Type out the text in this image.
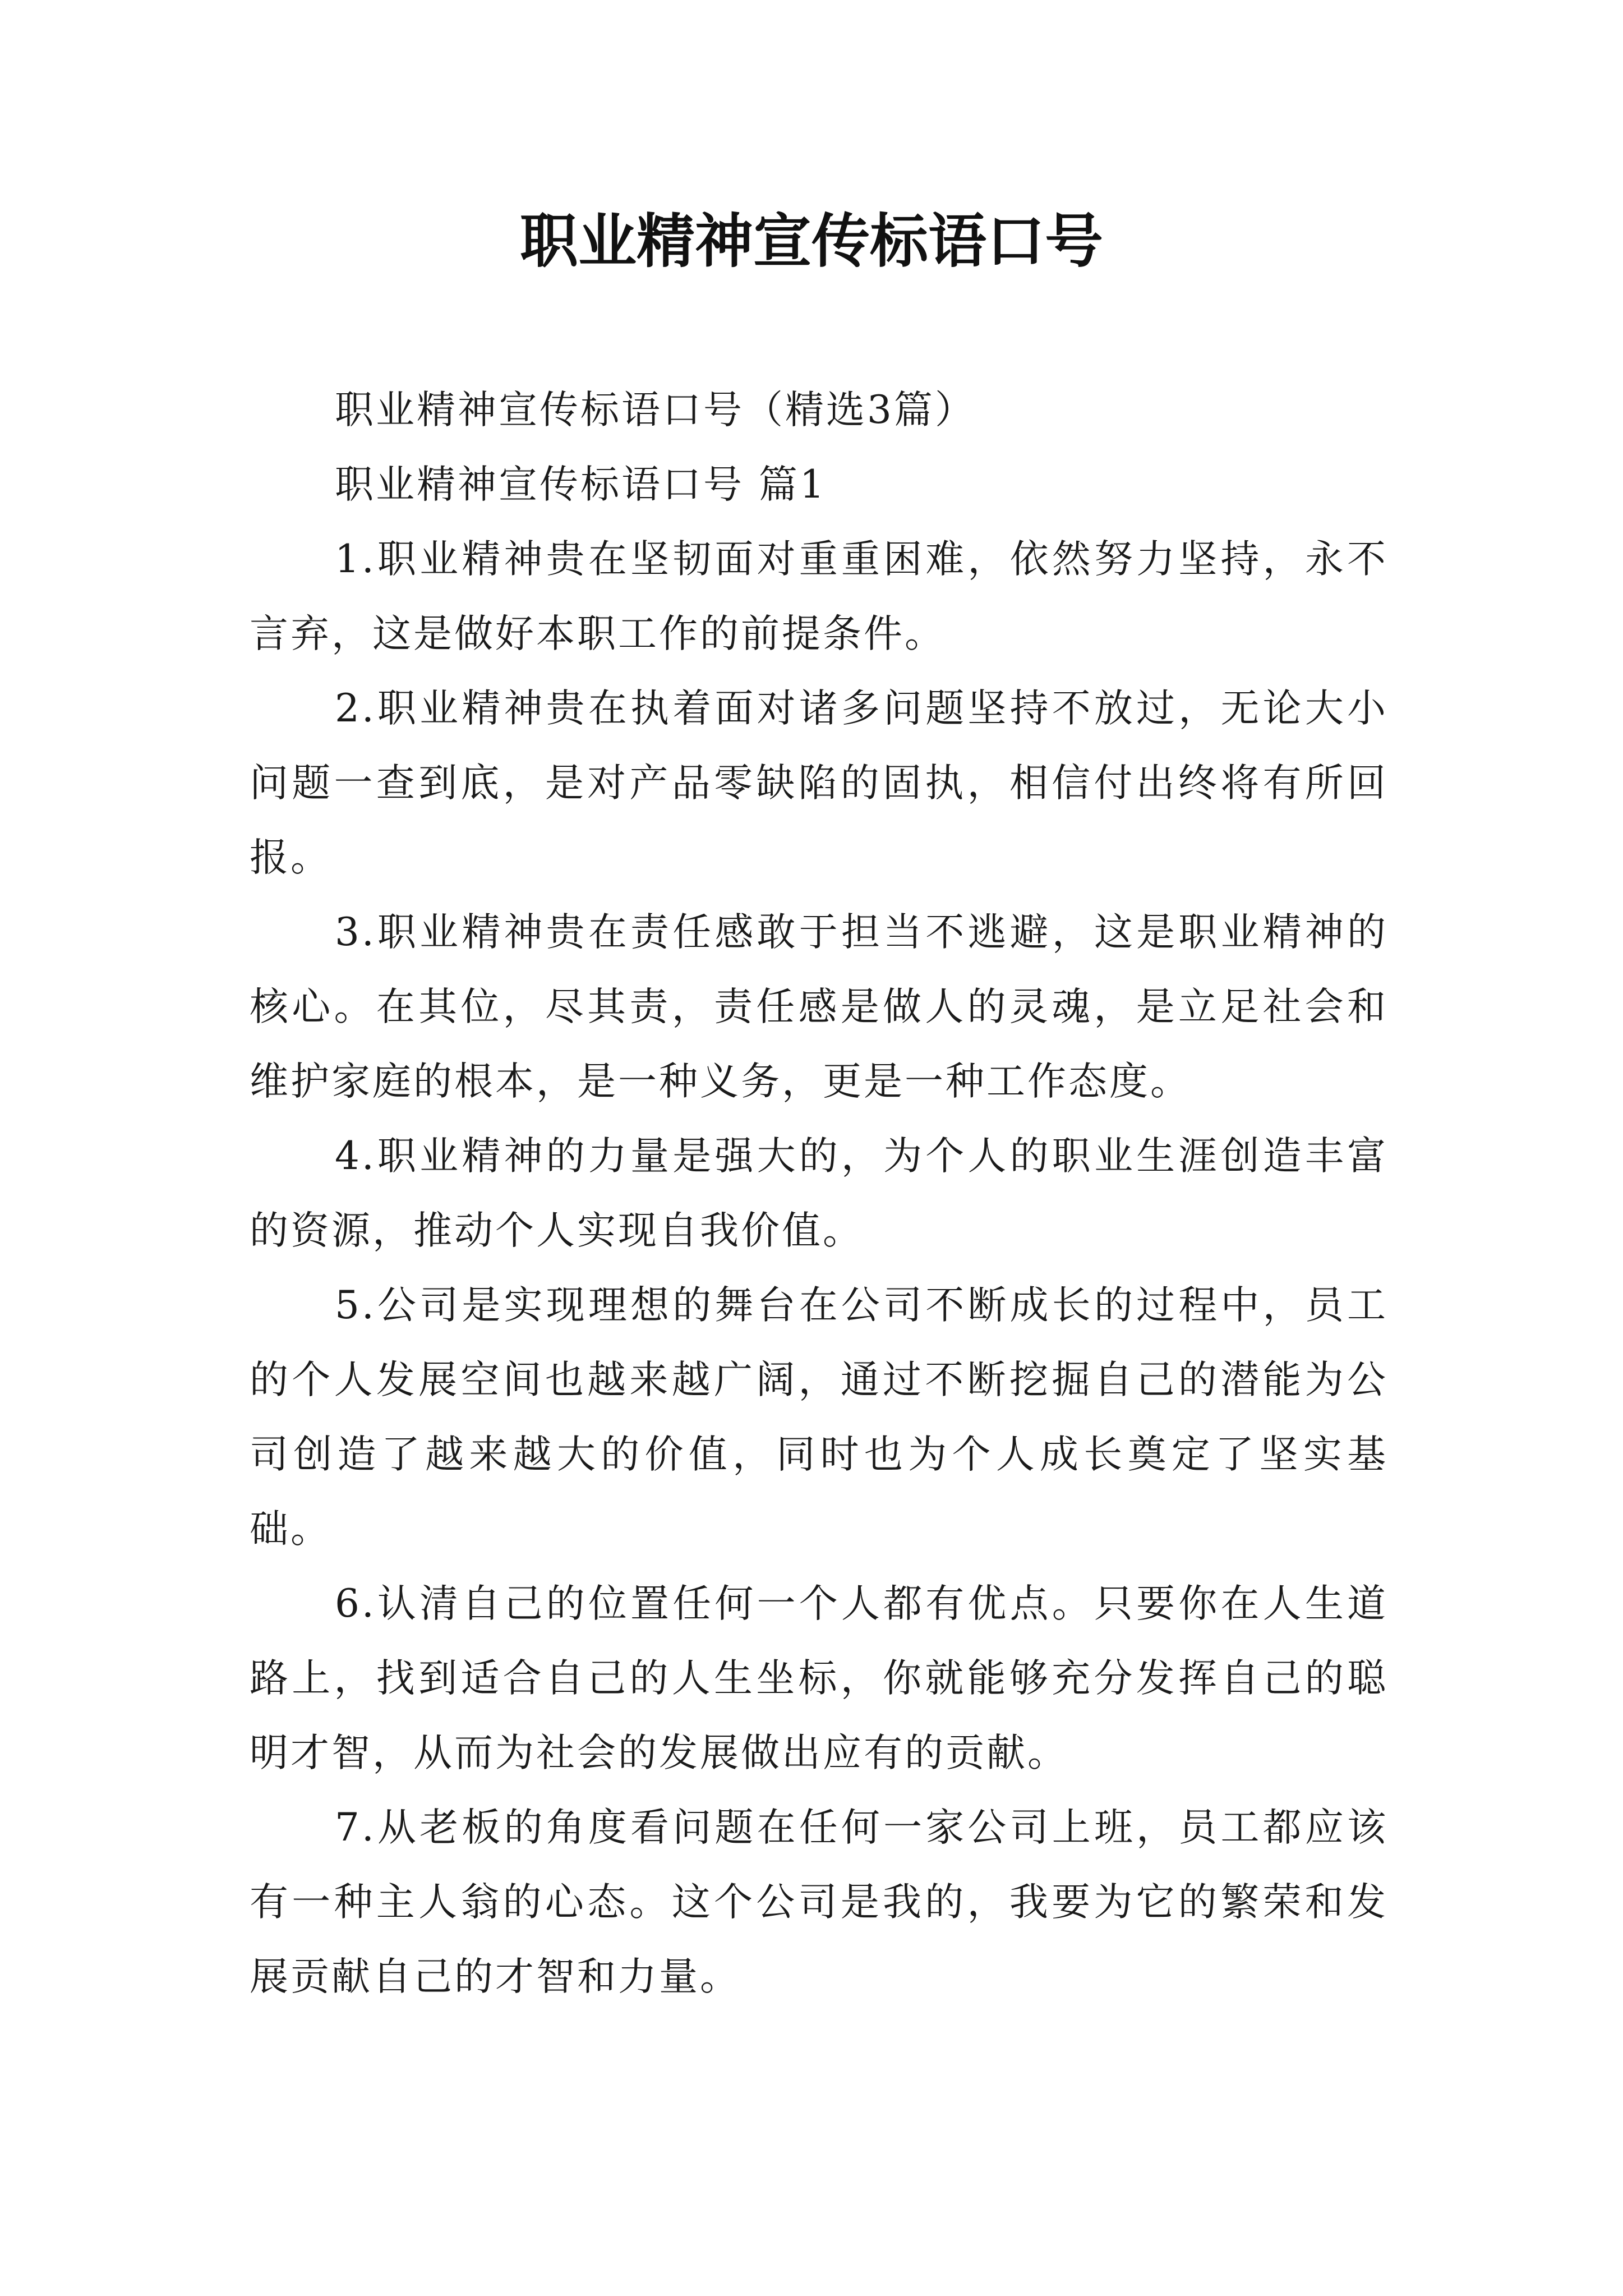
职业精神宣传标语口号

职业精神宣传标语口号（精选3篇）

职业精神宣传标语口号 篇1

1.职业精神贵在坚韧面对重重困难，依然努力坚持，永不言弃，这是做好本职工作的前提条件。

2.职业精神贵在执着面对诸多问题坚持不放过，无论大小问题一查到底，是对产品零缺陷的固执，相信付出终将有所回报。

3.职业精神贵在责任感敢于担当不逃避，这是职业精神的核心。在其位，尽其责，责任感是做人的灵魂，是立足社会和维护家庭的根本，是一种义务，更是一种工作态度。

4.职业精神的力量是强大的，为个人的职业生涯创造丰富的资源，推动个人实现自我价值。

5.公司是实现理想的舞台在公司不断成长的过程中，员工的个人发展空间也越来越广阔，通过不断挖掘自己的潜能为公司创造了越来越大的价值，同时也为个人成长奠定了坚实基础。

6.认清自己的位置任何一个人都有优点。只要你在人生道路上，找到适合自己的人生坐标，你就能够充分发挥自己的聪明才智，从而为社会的发展做出应有的贡献。

7.从老板的角度看问题在任何一家公司上班，员工都应该有一种主人翁的心态。这个公司是我的，我要为它的繁荣和发展贡献自己的才智和力量。
